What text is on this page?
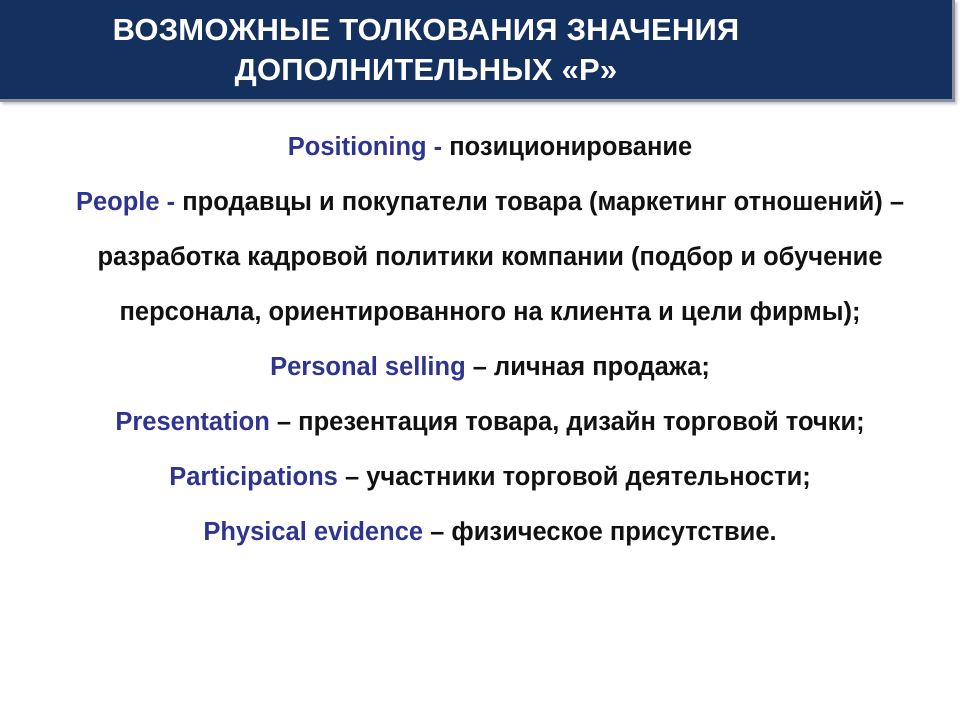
ВОЗМОЖНЫЕ ТОЛКОВАНИЯ ЗНАЧЕНИЯ
ДОПОЛНИТЕЛЬНЫХ «Р»
Positioning - позиционирование
People - продавцы и покупатели товара (маркетинг отношений) – разработка кадровой политики компании (подбор и обучение персонала, ориентированного на клиента и цели фирмы);
Personal selling – личная продажа;
Presentation – презентация товара, дизайн торговой точки;
Participations – участники торговой деятельности;
Physical evidence – физическое присутствие.
